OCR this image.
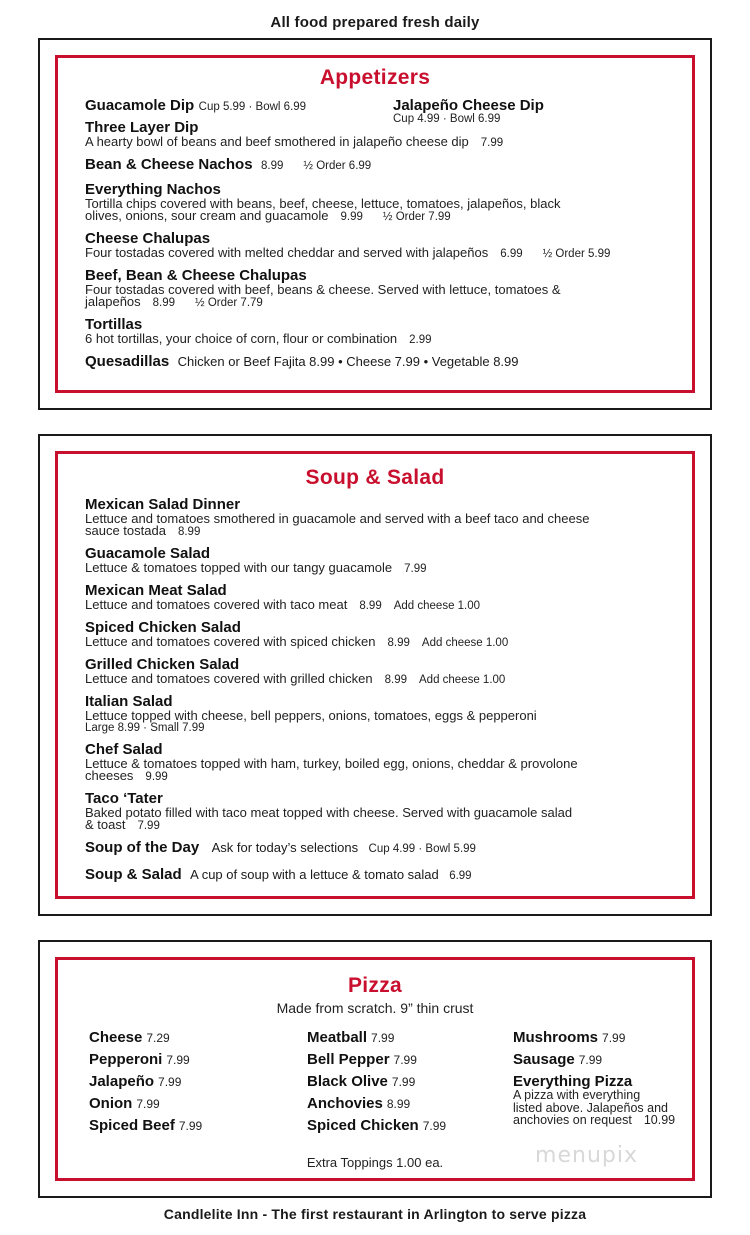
All food prepared fresh daily
Appetizers
Guacamole Dip Cup 5.99 · Bowl 6.99	Jalapeño Cheese Dip
Cup 4.99 · Bowl 6.99
Three Layer Dip
A hearty bowl of beans and beef smothered in jalapeño cheese dip 7.99
Bean & Cheese Nachos 8.99 ½ Order 6.99
Everything Nachos
Tortilla chips covered with beans, beef, cheese, lettuce, tomatoes, jalapeños, black
olives, onions, sour cream and guacamole 9.99 ½ Order 7.99
Cheese Chalupas
Four tostadas covered with melted cheddar and served with jalapeños 6.99 ½ Order 5.99
Beef, Bean & Cheese Chalupas
Four tostadas covered with beef, beans & cheese. Served with lettuce, tomatoes &
jalapeños 8.99 ½ Order 7.79
Tortillas
6 hot tortillas, your choice of corn, flour or combination 2.99
Quesadillas Chicken or Beef Fajita 8.99 • Cheese 7.99 • Vegetable 8.99
Soup & Salad
Mexican Salad Dinner
Lettuce and tomatoes smothered in guacamole and served with a beef taco and cheese
sauce tostada 8.99
Guacamole Salad
Lettuce & tomatoes topped with our tangy guacamole 7.99
Mexican Meat Salad
Lettuce and tomatoes covered with taco meat 8.99 Add cheese 1.00
Spiced Chicken Salad
Lettuce and tomatoes covered with spiced chicken 8.99 Add cheese 1.00
Grilled Chicken Salad
Lettuce and tomatoes covered with grilled chicken 8.99 Add cheese 1.00
Italian Salad
Lettuce topped with cheese, bell peppers, onions, tomatoes, eggs & pepperoni
Large 8.99 · Small 7.99
Chef Salad
Lettuce & tomatoes topped with ham, turkey, boiled egg, onions, cheddar & provolone
cheeses 9.99
Taco ‘Tater
Baked potato filled with taco meat topped with cheese. Served with guacamole salad
& toast 7.99
Soup of the Day Ask for today’s selections Cup 4.99 · Bowl 5.99
Soup & Salad A cup of soup with a lettuce & tomato salad 6.99
Pizza
Made from scratch. 9” thin crust
Cheese 7.29
Pepperoni 7.99
Jalapeño 7.99
Onion 7.99
Spiced Beef 7.99
Meatball 7.99
Bell Pepper 7.99
Black Olive 7.99
Anchovies 8.99
Spiced Chicken 7.99
Mushrooms 7.99
Sausage 7.99
Everything Pizza
A pizza with everything
listed above. Jalapeños and
anchovies on request 10.99
Extra Toppings 1.00 ea.	menupix
Candlelite Inn - The first restaurant in Arlington to serve pizza
